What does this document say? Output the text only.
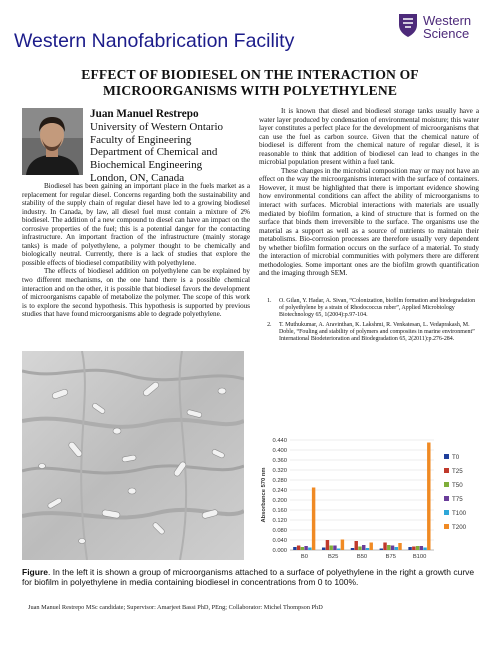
Western Nanofabrication Facility
Western
Science
EFFECT OF BIODIESEL ON THE INTERACTION OF MICROORGANISMS WITH POLYETHYLENE
Juan Manuel Restrepo
University of Western Ontario
Faculty of Engineering
Department of Chemical and
Biochemical Engineering
London, ON, Canada

Biodiesel has been gaining an important place in the fuels market as a replacement for regular diesel. Concerns regarding both the sustainability and stability of the supply chain of regular diesel have led to a growing biodiesel industry. In Canada, by law, all diesel fuel must contain a mixture of 2% biodiesel. The addition of a new compound to diesel can have an impact on the corrosive properties of the fuel; this is a potential danger for the contacting infrastructure. An important fraction of the infrastructure (mainly storage tanks) is made of polyethylene, a polymer thought to be chemically and biologically neutral. Currently, there is a lack of studies that explore the possible effects of biodiesel compatibility with polyethylene.

The effects of biodiesel addition on polyethylene can be explained by two different mechanisms, on the one hand there is a possible chemical interaction and on the other, it is possible that biodiesel favors the development of microorganisms capable of metabolize the polymer. The scope of this work is to explore the second hypothesis. This hypothesis is supported by previous studies that have found microorganisms able to degrade polyethylene.

It is known that diesel and biodiesel storage tanks usually have a water layer produced by condensation of environmental moisture; this water layer constitutes a perfect place for the development of microorganisms that can use the fuel as carbon source. Given that the chemical nature of biodiesel is different from the chemical nature of regular diesel, it is reasonable to think that addition of biodiesel can lead to changes in the microbial population present within a fuel tank.

These changes in the microbial composition may or may not have an effect on the way the microorganisms interact with the surface of containers. However, it must be highlighted that there is important evidence showing how environmental conditions can affect the ability of microorganisms to interact with surfaces. Microbial interactions with materials are usually mediated by biofilm formation, a kind of structure that is formed on the surface that binds them irreversible to the surface. The organisms use the material as a support as well as a source of nutrients to maintain their metabolisms. Bio-corrosion processes are therefore usually very dependent by whether biofilm formation occurs on the surface of a material. To study the interaction of microbial communities with polymers there are different methodologies. Some important ones are the biofilm growth quantification and the imaging through SEM.

1. O. Gilan, Y. Hadar, A. Sivan, “Colonization, biofilm formation and biodegradation of polyethylene by a strain of Rhodococcus ruber”, Applied Microbiology Biotechnology 65, 1(2004):p.97-104.
2. T. Muthukumar, A. Aravinthan, K. Lakshmi, R. Venkatesan, L. Vedaprakash, M. Doble, “Fouling and stability of polymers and composites in marine environment” International Biodeterioration and Biodegradation 65, 2(2011):p.276-284.
0.000
0.040
0.080
0.120
0.160
0.200
0.240
0.280
0.320
0.360
0.400
0.440
Absorbance 570 nm
B0	B25	B50	B75	B100
T0
T25
T50
T75
T100
T200
Figure. In the left it is shown a group of microorganisms attached to a surface of polyethylene in the right a growth curve for biofilm in polyethylene in media containing biodiesel in concentrations from 0 to 100%.
Juan Manuel Restrepo MSc candidate; Supervisor: Amarjeet Bassi PhD, PEng; Collaborator: Michel Thompson PhD
